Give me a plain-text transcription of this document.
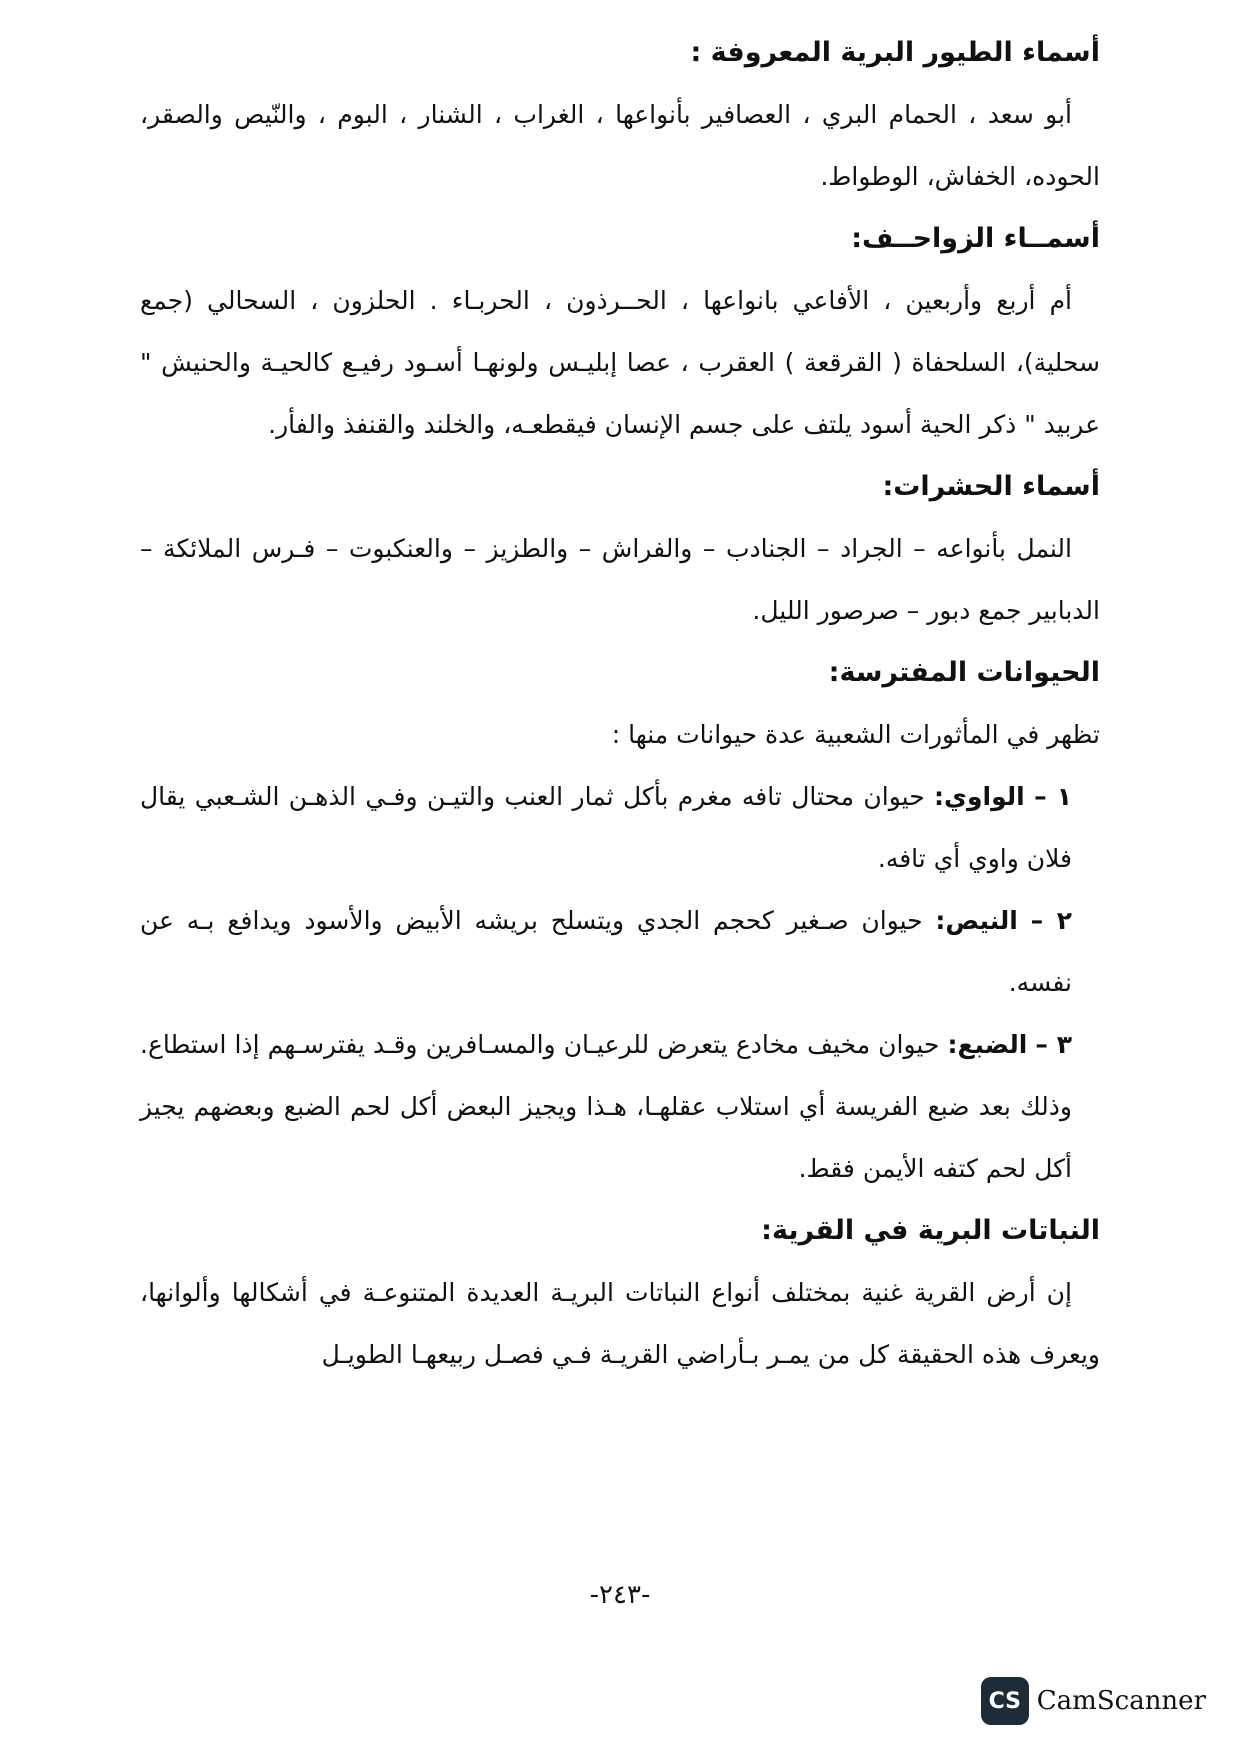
أسماء الطيور البرية المعروفة :

أبو سعد ، الحمام البري ، العصافير بأنواعها ، الغراب ، الشنار ، البوم ، والنّيص والصقر، الحوده، الخفاش، الوطواط.

أسمــاء الزواحــف:

أم أربع وأربعين ، الأفاعي بانواعها ، الحــرذون ، الحربـاء . الحلزون ، السحالي (جمع سحلية)، السلحفاة ( القرقعة ) العقرب ، عصا إبليـس ولونهـا أسـود رفيـع كالحيـة والحنيش " عربيد " ذكر الحية أسود يلتف على جسم الإنسان فيقطعـه، والخلند والقنفذ والفأر.

أسماء الحشرات:

النمل بأنواعه – الجراد – الجنادب – والفراش – والطزيز – والعنكبوت – فـرس الملائكة – الدبابير جمع دبور – صرصور الليل.

الحيوانات المفترسة:

تظهر في المأثورات الشعبية عدة حيوانات منها :

١ – الواوي: حيوان محتال تافه مغرم بأكل ثمار العنب والتيـن وفـي الذهـن الشـعبي يقال فلان واوي أي تافه.

٢ – النيص: حيوان صـغير كحجم الجدي ويتسلح بريشه الأبيض والأسود ويدافع بـه عن نفسه.

٣ – الضبع: حيوان مخيف مخادع يتعرض للرعيـان والمسـافرين وقـد يفترسـهم إذا استطاع. وذلك بعد ضبع الفريسة أي استلاب عقلهـا، هـذا ويجيز البعض أكل لحم الضبع وبعضهم يجيز أكل لحم كتفه الأيمن فقط.

النباتات البرية في القرية:

إن أرض القرية غنية بمختلف أنواع النباتات البريـة العديدة المتنوعـة في أشكالها وألوانها، ويعرف هذه الحقيقة كل من يمـر بـأراضي القريـة فـي فصـل ربيعهـا الطويـل

-٢٤٣-
CS CamScanner
